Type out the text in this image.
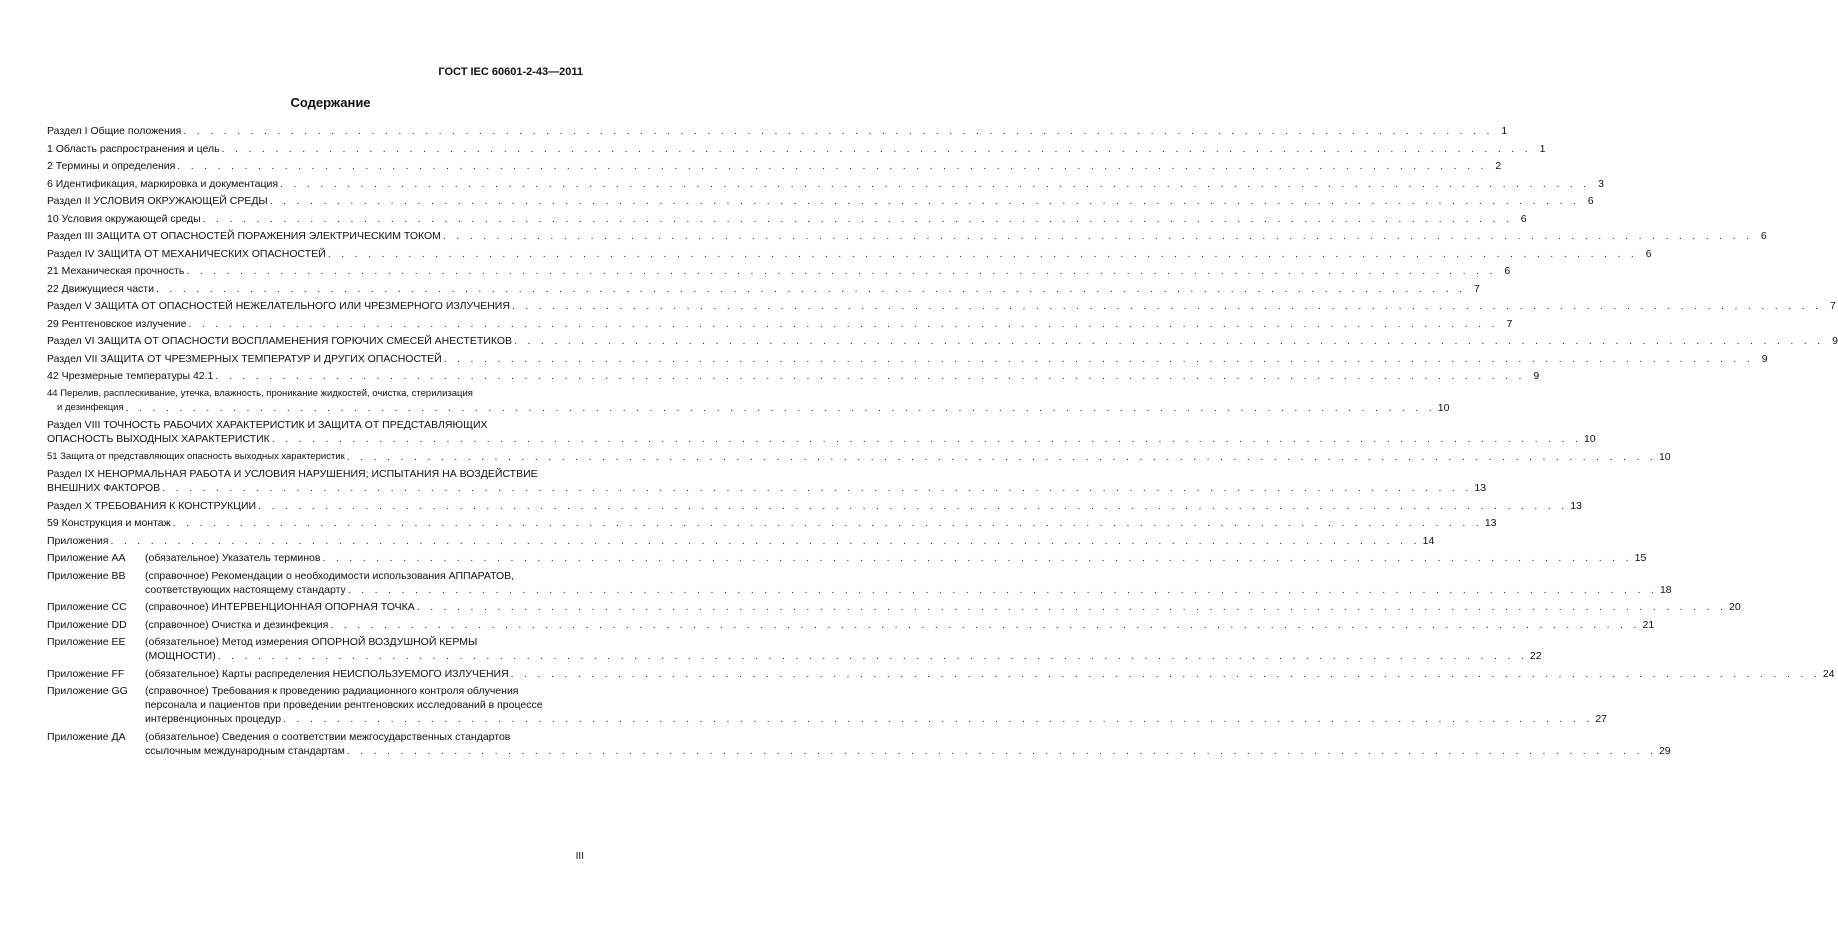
ГОСТ IEC 60601-2-43—2011
Содержание
Раздел I Общие положения . . . . . . . . . . . . . . . . . . . . . . . . . . . . . . . . . . . . . . . . . . . . . . . . . . . . . . . . . . . . . . . . . . . . . . . . . . . . . . . . . . . . . . . . . . . . . . . . . . 1
1 Область распространения и цель . . . . . . . . . . . . . . . . . . . . . . . . . . . . . . . . . . . . . . . . . . . . . . . . . . . . . . . . . . . . . . . . . . . . . . . . . . . . . . . . . . . . . . . . . . . . . . . . . . 1
2 Термины и определения . . . . . . . . . . . . . . . . . . . . . . . . . . . . . . . . . . . . . . . . . . . . . . . . . . . . . . . . . . . . . . . . . . . . . . . . . . . . . . . . . . . . . . . . . . . . . . . . . . 2
6 Идентификация, маркировка и документация . . . . . . . . . . . . . . . . . . . . . . . . . . . . . . . . . . . . . . . . . . . . . . . . . . . . . . . . . . . . . . . . . . . . . . . . . . . . . . . . . . . . . . . . . . . . . . . . . . 3
Раздел II УСЛОВИЯ ОКРУЖАЮЩЕЙ СРЕДЫ . . . . . . . . . . . . . . . . . . . . . . . . . . . . . . . . . . . . . . . . . . . . . . . . . . . . . . . . . . . . . . . . . . . . . . . . . . . . . . . . . . . . . . . . . . . . . . . . . . 6
10 Условия окружающей среды . . . . . . . . . . . . . . . . . . . . . . . . . . . . . . . . . . . . . . . . . . . . . . . . . . . . . . . . . . . . . . . . . . . . . . . . . . . . . . . . . . . . . . . . . . . . . . . . . . 6
Раздел III ЗАЩИТА ОТ ОПАСНОСТЕЙ ПОРАЖЕНИЯ ЭЛЕКТРИЧЕСКИМ ТОКОМ . . . . . . . . . . . . . . . . . . . . . . . . . . . . . . . . . . . . . . . . . . . . . . . . . . . . . . . . . . . . . . . . . . . . . . . . . . . . . . . . . . . . . . . . . . . . . . . . . . 6
Раздел IV ЗАЩИТА ОТ МЕХАНИЧЕСКИХ ОПАСНОСТЕЙ . . . . . . . . . . . . . . . . . . . . . . . . . . . . . . . . . . . . . . . . . . . . . . . . . . . . . . . . . . . . . . . . . . . . . . . . . . . . . . . . . . . . . . . . . . . . . . . . . . 6
21 Механическая прочность . . . . . . . . . . . . . . . . . . . . . . . . . . . . . . . . . . . . . . . . . . . . . . . . . . . . . . . . . . . . . . . . . . . . . . . . . . . . . . . . . . . . . . . . . . . . . . . . . . 6
22 Движущиеся части . . . . . . . . . . . . . . . . . . . . . . . . . . . . . . . . . . . . . . . . . . . . . . . . . . . . . . . . . . . . . . . . . . . . . . . . . . . . . . . . . . . . . . . . . . . . . . . . . . 7
Раздел V ЗАЩИТА ОТ ОПАСНОСТЕЙ НЕЖЕЛАТЕЛЬНОГО ИЛИ ЧРЕЗМЕРНОГО ИЗЛУЧЕНИЯ . . . . . . . . . . . . . . . . . . . . . . . . . . . . . . . . . . . . . . . . . . . . . . . . . . . . . . . . . . . . . . . . . . . . . . . . . . . . . . . . . . . . . . . . . . . . . . . . . . 7
29 Рентгеновское излучение . . . . . . . . . . . . . . . . . . . . . . . . . . . . . . . . . . . . . . . . . . . . . . . . . . . . . . . . . . . . . . . . . . . . . . . . . . . . . . . . . . . . . . . . . . . . . . . . . . 7
Раздел VI ЗАЩИТА ОТ ОПАСНОСТИ ВОСПЛАМЕНЕНИЯ ГОРЮЧИХ СМЕСЕЙ АНЕСТЕТИКОВ . . . . . . . . . . . . . . . . . . . . . . . . . . . . . . . . . . . . . . . . . . . . . . . . . . . . . . . . . . . . . . . . . . . . . . . . . . . . . . . . . . . . . . . . . . . . . . . . . . 9
Раздел VII ЗАЩИТА ОТ ЧРЕЗМЕРНЫХ ТЕМПЕРАТУР И ДРУГИХ ОПАСНОСТЕЙ . . . . . . . . . . . . . . . . . . . . . . . . . . . . . . . . . . . . . . . . . . . . . . . . . . . . . . . . . . . . . . . . . . . . . . . . . . . . . . . . . . . . . . . . . . . . . . . . . . 9
42 Чрезмерные температуры 42.1 . . . . . . . . . . . . . . . . . . . . . . . . . . . . . . . . . . . . . . . . . . . . . . . . . . . . . . . . . . . . . . . . . . . . . . . . . . . . . . . . . . . . . . . . . . . . . . . . . . 9
44 Перелив, расплескивание, утечка, влажность, проникание жидкостей, очистка, стерилизация
и дезинфекция . . . . . . . . . . . . . . . . . . . . . . . . . . . . . . . . . . . . . . . . . . . . . . . . . . . . . . . . . . . . . . . . . . . . . . . . . . . . . . . . . . . . . . . . . . . . . . . . . . 10
Раздел VIII ТОЧНОСТЬ РАБОЧИХ ХАРАКТЕРИСТИК И ЗАЩИТА ОТ ПРЕДСТАВЛЯЮЩИХ
ОПАСНОСТЬ ВЫХОДНЫХ ХАРАКТЕРИСТИК . . . . . . . . . . . . . . . . . . . . . . . . . . . . . . . . . . . . . . . . . . . . . . . . . . . . . . . . . . . . . . . . . . . . . . . . . . . . . . . . . . . . . . . . . . . . . . . . . . 10
51 Защита от представляющих опасность выходных характеристик . . . . . . . . . . . . . . . . . . . . . . . . . . . . . . . . . . . . . . . . . . . . . . . . . . . . . . . . . . . . . . . . . . . . . . . . . . . . . . . . . . . . . . . . . . . . . . . . . . 10
Раздел IX НЕНОРМАЛЬНАЯ РАБОТА И УСЛОВИЯ НАРУШЕНИЯ; ИСПЫТАНИЯ НА ВОЗДЕЙСТВИЕ
ВНЕШНИХ ФАКТОРОВ . . . . . . . . . . . . . . . . . . . . . . . . . . . . . . . . . . . . . . . . . . . . . . . . . . . . . . . . . . . . . . . . . . . . . . . . . . . . . . . . . . . . . . . . . . . . . . . . . . 13
Раздел X ТРЕБОВАНИЯ К КОНСТРУКЦИИ . . . . . . . . . . . . . . . . . . . . . . . . . . . . . . . . . . . . . . . . . . . . . . . . . . . . . . . . . . . . . . . . . . . . . . . . . . . . . . . . . . . . . . . . . . . . . . . . . . 13
59 Конструкция и монтаж . . . . . . . . . . . . . . . . . . . . . . . . . . . . . . . . . . . . . . . . . . . . . . . . . . . . . . . . . . . . . . . . . . . . . . . . . . . . . . . . . . . . . . . . . . . . . . . . . . 13
Приложения . . . . . . . . . . . . . . . . . . . . . . . . . . . . . . . . . . . . . . . . . . . . . . . . . . . . . . . . . . . . . . . . . . . . . . . . . . . . . . . . . . . . . . . . . . . . . . . . . . 14
Приложение АА	(обязательное) Указатель терминов . . . . . . . . . . . . . . . . . . . . . . . . . . . . . . . . . . . . . . . . . . . . . . . . . . . . . . . . . . . . . . . . . . . . . . . . . . . . . . . . . . . . . . . . . . . . . . . . . . 15
Приложение ВВ	(справочное) Рекомендации о необходимости использования АППАРАТОВ,
соответствующих настоящему стандарту . . . . . . . . . . . . . . . . . . . . . . . . . . . . . . . . . . . . . . . . . . . . . . . . . . . . . . . . . . . . . . . . . . . . . . . . . . . . . . . . . . . . . . . . . . . . . . . . . . 18
Приложение СС	(справочное) ИНТЕРВЕНЦИОННАЯ ОПОРНАЯ ТОЧКА . . . . . . . . . . . . . . . . . . . . . . . . . . . . . . . . . . . . . . . . . . . . . . . . . . . . . . . . . . . . . . . . . . . . . . . . . . . . . . . . . . . . . . . . . . . . . . . . . . 20
Приложение DD	(справочное) Очистка и дезинфекция . . . . . . . . . . . . . . . . . . . . . . . . . . . . . . . . . . . . . . . . . . . . . . . . . . . . . . . . . . . . . . . . . . . . . . . . . . . . . . . . . . . . . . . . . . . . . . . . . . 21
Приложение ЕЕ	(обязательное) Метод измерения ОПОРНОЙ ВОЗДУШНОЙ КЕРМЫ
(МОЩНОСТИ) . . . . . . . . . . . . . . . . . . . . . . . . . . . . . . . . . . . . . . . . . . . . . . . . . . . . . . . . . . . . . . . . . . . . . . . . . . . . . . . . . . . . . . . . . . . . . . . . . . 22
Приложение FF	(обязательное) Карты распределения НЕИСПОЛЬЗУЕМОГО ИЗЛУЧЕНИЯ . . . . . . . . . . . . . . . . . . . . . . . . . . . . . . . . . . . . . . . . . . . . . . . . . . . . . . . . . . . . . . . . . . . . . . . . . . . . . . . . . . . . . . . . . . . . . . . . . . 24
Приложение GG	(справочное) Требования к проведению радиационного контроля облучения
персонала и пациентов при проведении рентгеновских исследований в процессе
интервенционных процедур . . . . . . . . . . . . . . . . . . . . . . . . . . . . . . . . . . . . . . . . . . . . . . . . . . . . . . . . . . . . . . . . . . . . . . . . . . . . . . . . . . . . . . . . . . . . . . . . . . 27
Приложение ДА	(обязательное) Сведения о соответствии межгосударственных стандартов
ссылочным международным стандартам . . . . . . . . . . . . . . . . . . . . . . . . . . . . . . . . . . . . . . . . . . . . . . . . . . . . . . . . . . . . . . . . . . . . . . . . . . . . . . . . . . . . . . . . . . . . . . . . . . 29
III
